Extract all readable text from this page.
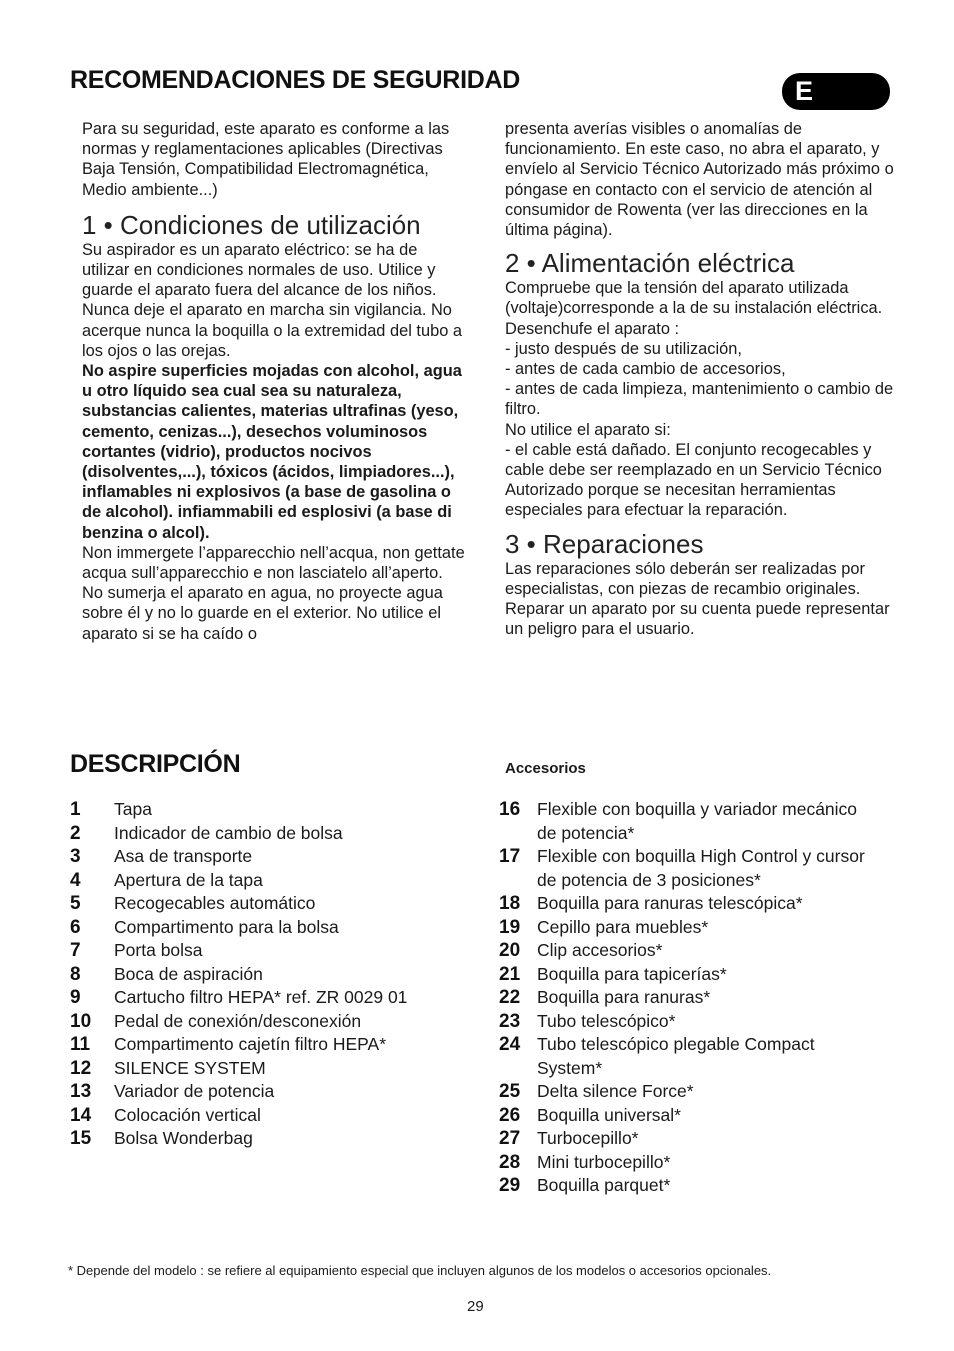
RECOMENDACIONES DE SEGURIDAD	E

Para su seguridad, este aparato es conforme a las normas y reglamentaciones aplicables (Directivas Baja Tensión, Compatibilidad Electromagnética, Medio ambiente...)

1 • Condiciones de utilización

Su aspirador es un aparato eléctrico: se ha de utilizar en condiciones normales de uso. Utilice y guarde el aparato fuera del alcance de los niños. Nunca deje el aparato en marcha sin vigilancia. No acerque nunca la boquilla o la extremidad del tubo a los ojos o las orejas.

No aspire superficies mojadas con alcohol, agua u otro líquido sea cual sea su naturaleza, substancias calientes, materias ultrafinas (yeso, cemento, cenizas...), desechos voluminosos cortantes (vidrio), productos nocivos (disolventes,...), tóxicos (ácidos, limpiadores...), inflamables ni explosivos (a base de gasolina o de alcohol). infiammabili ed esplosivi (a base di benzina o alcol).

Non immergete l’apparecchio nell’acqua, non gettate acqua sull’apparecchio e non lasciatelo all’aperto.

No sumerja el aparato en agua, no proyecte agua sobre él y no lo guarde en el exterior. No utilice el aparato si se ha caído o

presenta averías visibles o anomalías de funcionamiento. En este caso, no abra el aparato, y envíelo al Servicio Técnico Autorizado más próximo o póngase en contacto con el servicio de atención al consumidor de Rowenta (ver las direcciones en la última página).

2 • Alimentación eléctrica

Compruebe que la tensión del aparato utilizada (voltaje)corresponde a la de su instalación eléctrica. Desenchufe el aparato :

- justo después de su utilización,

- antes de cada cambio de accesorios,

- antes de cada limpieza, mantenimiento o cambio de filtro.

No utilice el aparato si:

- el cable está dañado. El conjunto recogecables y cable debe ser reemplazado en un Servicio Técnico Autorizado porque se necesitan herramientas especiales para efectuar la reparación.

3 • Reparaciones

Las reparaciones sólo deberán ser realizadas por especialistas, con piezas de recambio originales. Reparar un aparato por su cuenta puede representar un peligro para el usuario.

DESCRIPCIÓN	Accesorios
1	Tapa
2	Indicador de cambio de bolsa
3	Asa de transporte
4	Apertura de la tapa
5	Recogecables automático
6	Compartimento para la bolsa
7	Porta bolsa
8	Boca de aspiración
9	Cartucho filtro HEPA* ref. ZR 0029 01
10	Pedal de conexión/desconexión
11	Compartimento cajetín filtro HEPA*
12	SILENCE SYSTEM
13	Variador de potencia
14	Colocación vertical
15	Bolsa Wonderbag
16 Flexible con boquilla y variador mecánico de potencia*
17 Flexible con boquilla High Control y cursor de potencia de 3 posiciones*
18 Boquilla para ranuras telescópica*
19 Cepillo para muebles*
20 Clip accesorios*
21 Boquilla para tapicerías*
22 Boquilla para ranuras*
23 Tubo telescópico*
24 Tubo telescópico plegable Compact System*
25 Delta silence Force*
26 Boquilla universal*
27 Turbocepillo*
28 Mini turbocepillo*
29 Boquilla parquet*
* Depende del modelo : se refiere al equipamiento especial que incluyen algunos de los modelos o accesorios opcionales.
29
